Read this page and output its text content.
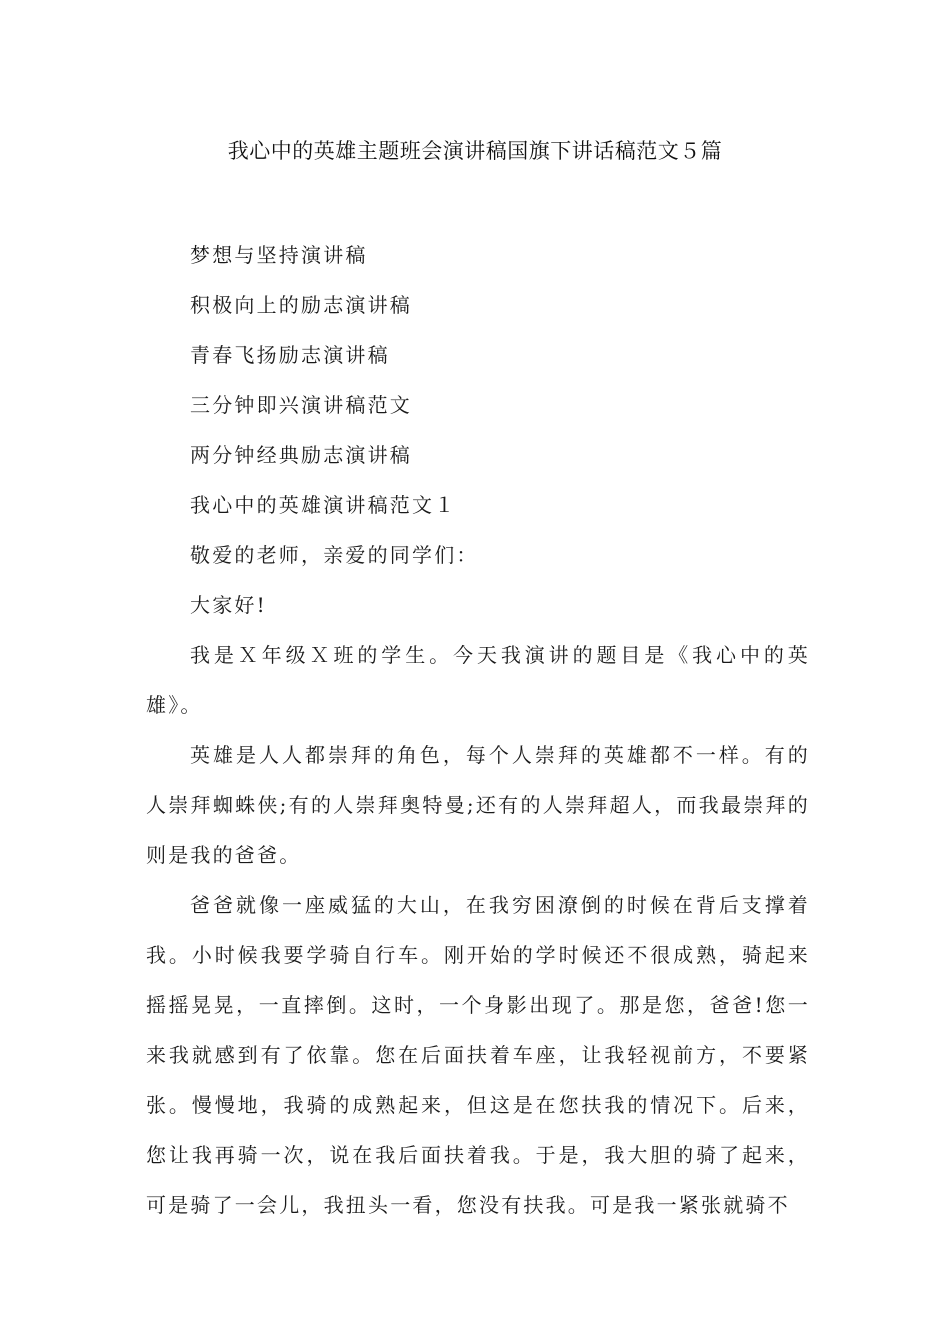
我心中的英雄主题班会演讲稿国旗下讲话稿范文５篇

梦想与坚持演讲稿

积极向上的励志演讲稿

青春飞扬励志演讲稿

三分钟即兴演讲稿范文

两分钟经典励志演讲稿

我心中的英雄演讲稿范文１

敬爱的老师，亲爱的同学们：

大家好!

我是Ｘ年级Ｘ班的学生。今天我演讲的题目是《我心中的英雄》。

英雄是人人都崇拜的角色，每个人崇拜的英雄都不一样。有的人崇拜蜘蛛侠;有的人崇拜奥特曼;还有的人崇拜超人，而我最崇拜的则是我的爸爸。

爸爸就像一座威猛的大山，在我穷困潦倒的时候在背后支撑着我。小时候我要学骑自行车。刚开始的学时候还不很成熟，骑起来摇摇晃晃，一直摔倒。这时，一个身影出现了。那是您，爸爸!您一来我就感到有了依靠。您在后面扶着车座，让我轻视前方，不要紧张。慢慢地，我骑的成熟起来，但这是在您扶我的情况下。后来，您让我再骑一次，说在我后面扶着我。于是，我大胆的骑了起来，可是骑了一会儿，我扭头一看，您没有扶我。可是我一紧张就骑不
